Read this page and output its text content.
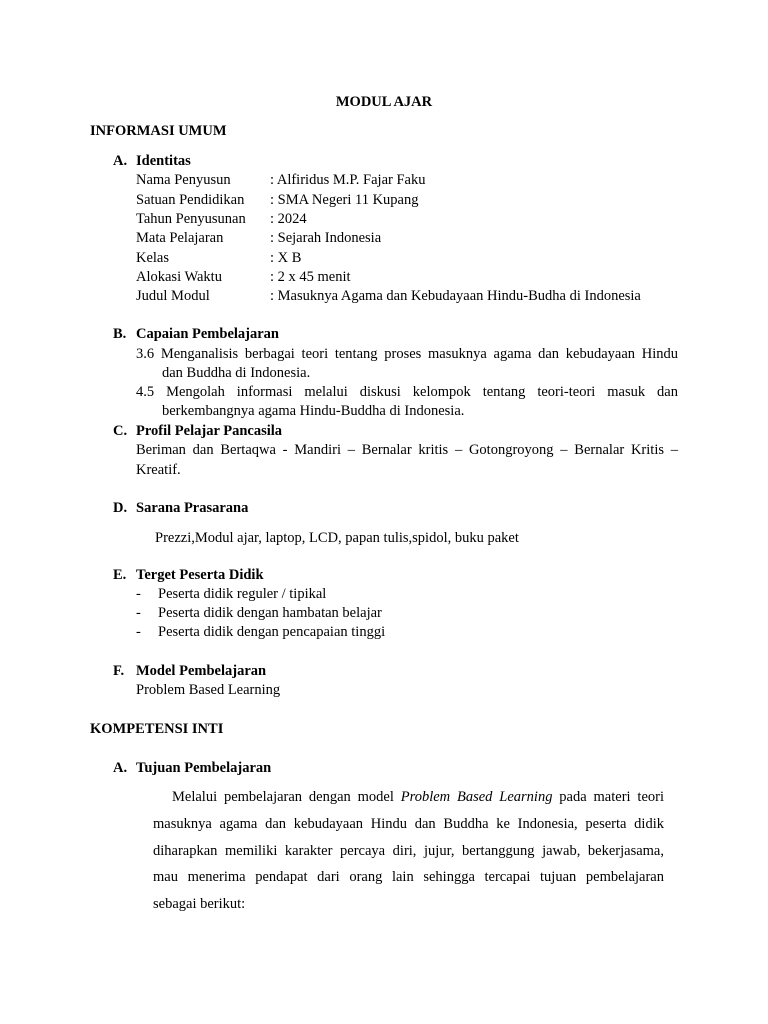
MODUL AJAR
INFORMASI UMUM
A. Identitas
Nama Penyusun	: Alfiridus M.P. Fajar Faku
Satuan Pendidikan : SMA Negeri 11 Kupang
Tahun Penyusunan : 2024
Mata Pelajaran	: Sejarah Indonesia
Kelas	: X B
Alokasi Waktu	: 2 x 45 menit
Judul Modul	: Masuknya Agama dan Kebudayaan Hindu-Budha di Indonesia
B. Capaian Pembelajaran
3.6 Menganalisis berbagai teori tentang proses masuknya agama dan kebudayaan Hindu
dan Buddha di Indonesia.
4.5 Mengolah informasi melalui diskusi kelompok tentang teori-teori masuk dan
berkembangnya agama Hindu-Buddha di Indonesia.
C. Profil Pelajar Pancasila
Beriman dan Bertaqwa - Mandiri – Bernalar kritis – Gotongroyong – Bernalar Kritis –
Kreatif.
D. Sarana Prasarana
Prezzi,Modul ajar, laptop, LCD, papan tulis,spidol, buku paket
E. Terget Peserta Didik
- Peserta didik reguler / tipikal
- Peserta didik dengan hambatan belajar
- Peserta didik dengan pencapaian tinggi
F. Model Pembelajaran
Problem Based Learning
KOMPETENSI INTI
A. Tujuan Pembelajaran
Melalui pembelajaran dengan model Problem Based Learning pada materi teori
masuknya agama dan kebudayaan Hindu dan Buddha ke Indonesia, peserta didik
diharapkan memiliki karakter percaya diri, jujur, bertanggung jawab, bekerjasama,
mau menerima pendapat dari orang lain sehingga tercapai tujuan pembelajaran
sebagai berikut:
